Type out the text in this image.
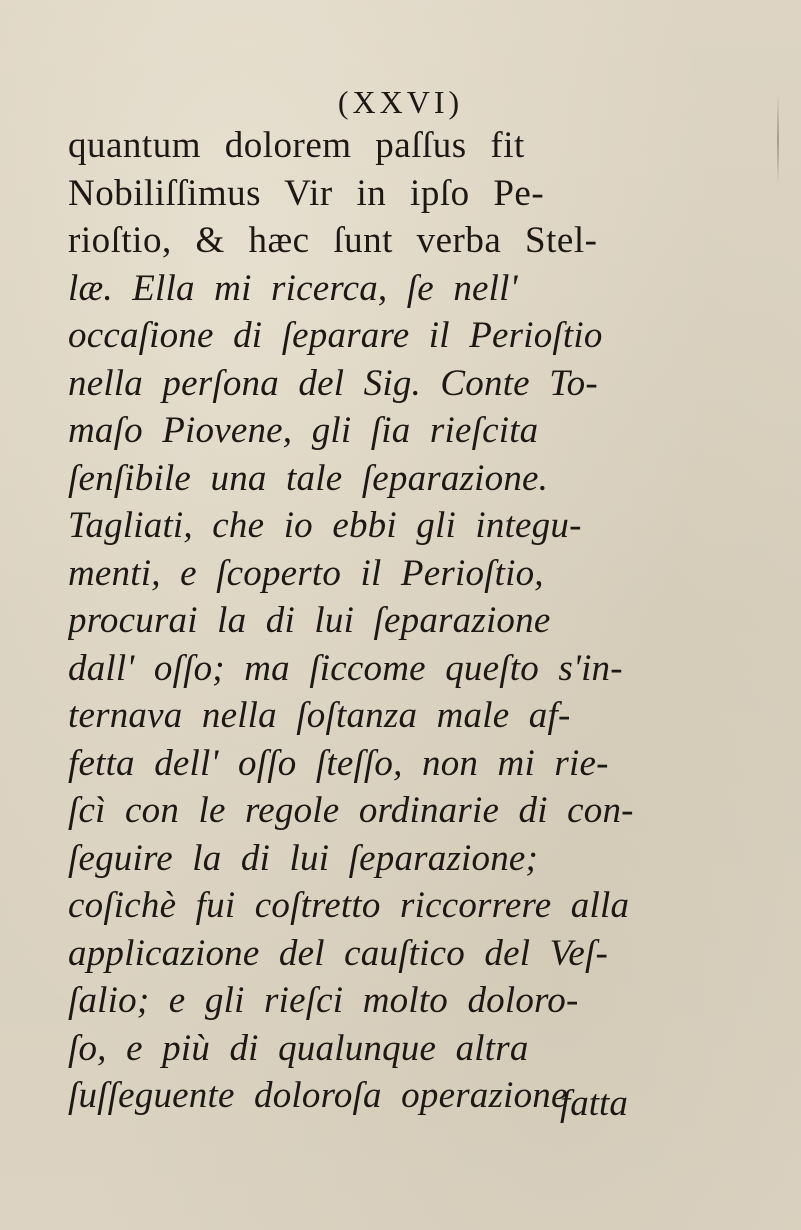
(XXVI)
quantum dolorem paſſus fit
Nobiliſſimus Vir in ipſo Pe-
rioſtio, & hæc ſunt verba Stel-
læ. Ella mi ricerca, ſe nell'
occaſione di ſeparare il Perioſtio
nella perſona del Sig. Conte To-
maſo Piovene, gli ſia rieſcita
ſenſibile una tale ſeparazione.
Tagliati, che io ebbi gli integu-
menti, e ſcoperto il Perioſtio,
procurai la di lui ſeparazione
dall' oſſo; ma ſiccome queſto s'in-
ternava nella ſoſtanza male af-
fetta dell' oſſo ſteſſo, non mi rie-
ſcì con le regole ordinarie di con-
ſeguire la di lui ſeparazione;
coſichè fui coſtretto riccorrere alla
applicazione del cauſtico del Veſ-
ſalio; e gli rieſci molto doloro-
ſo, e più di qualunque altra
ſuſſeguente doloroſa operazione
fatta
